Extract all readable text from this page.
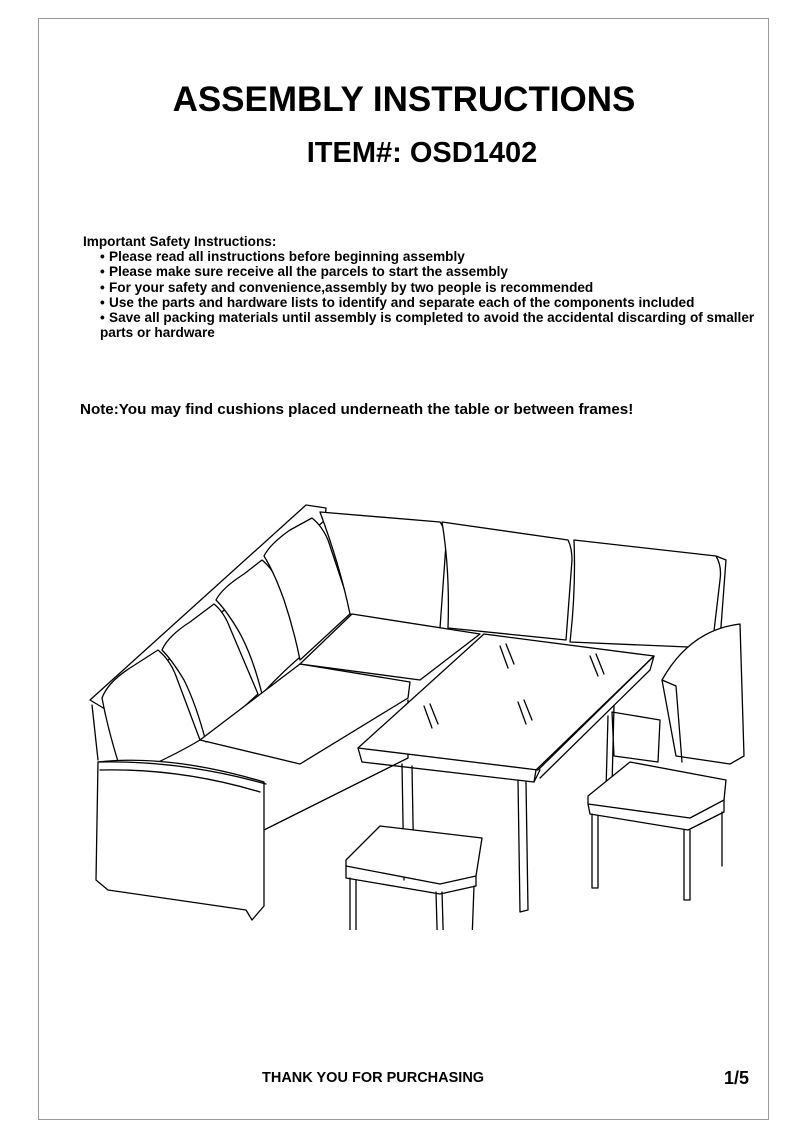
ASSEMBLY INSTRUCTIONS
ITEM#: OSD1402
Important Safety Instructions:
• Please read all instructions before beginning assembly
• Please make sure receive all the parcels to start the assembly
• For your safety and convenience,assembly by two people is recommended
• Use the parts and hardware lists to identify and separate each of the components included
• Save all packing materials until assembly is completed to avoid the accidental discarding of smaller parts or hardware
Note:You may find cushions placed underneath the table or between frames!
THANK YOU FOR PURCHASING	1/5
